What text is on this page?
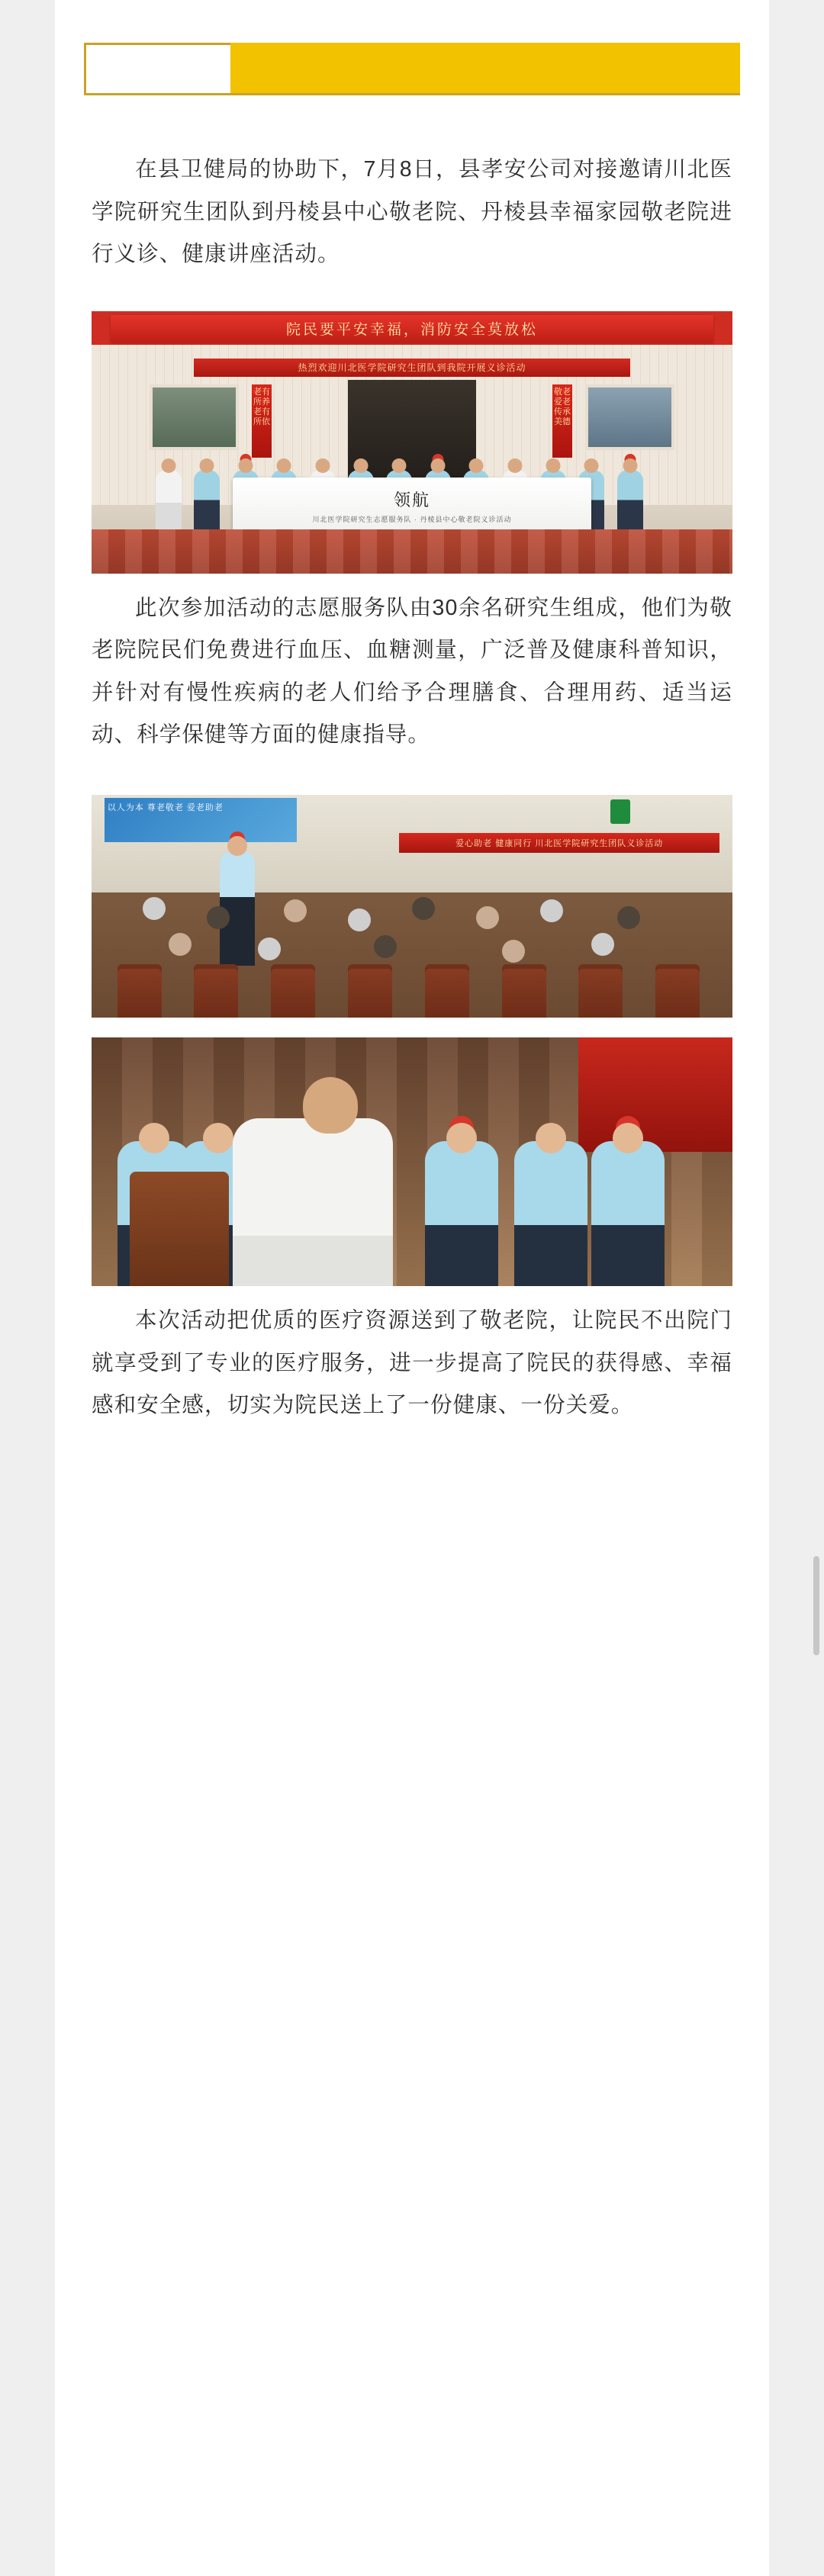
在县卫健局的协助下，7月8日，县孝安公司对接邀请川北医学院研究生团队到丹棱县中心敬老院、丹棱县幸福家园敬老院进行义诊、健康讲座活动。

院民要平安幸福，消防安全莫放松
热烈欢迎川北医学院研究生团队到我院开展义诊活动
老有所养 老有所依
敬老爱老 传承美德
领航
川北医学院研究生志愿服务队 · 丹棱县中心敬老院义诊活动

此次参加活动的志愿服务队由30余名研究生组成，他们为敬老院院民们免费进行血压、血糖测量，广泛普及健康科普知识，并针对有慢性疾病的老人们给予合理膳食、合理用药、适当运动、科学保健等方面的健康指导。

以人为本 尊老敬老 爱老助老
爱心助老 健康同行 川北医学院研究生团队义诊活动

本次活动把优质的医疗资源送到了敬老院，让院民不出院门就享受到了专业的医疗服务，进一步提高了院民的获得感、幸福感和安全感，切实为院民送上了一份健康、一份关爱。
